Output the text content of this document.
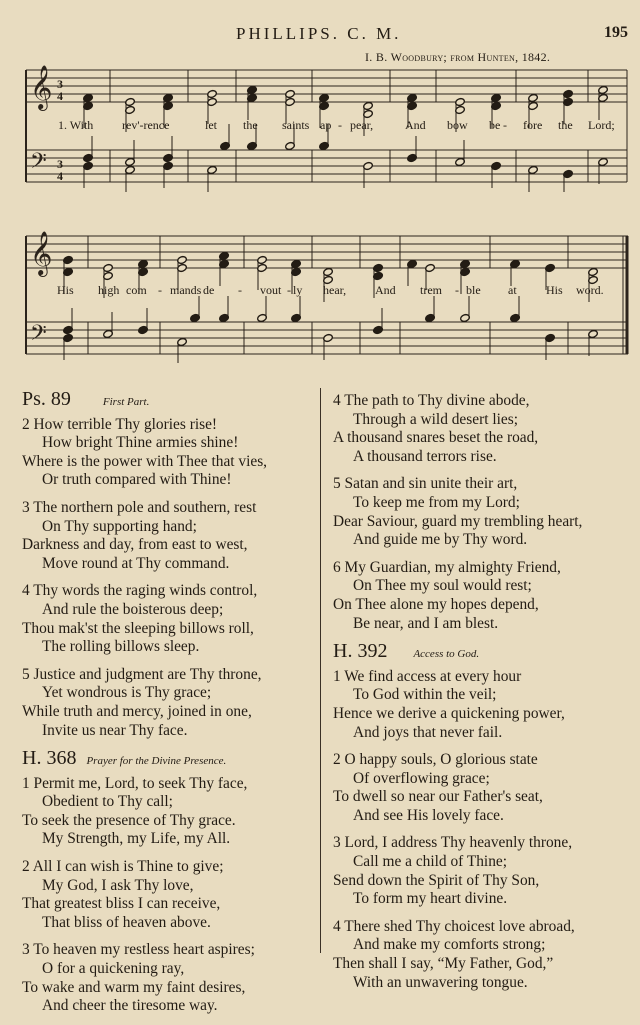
PHILLIPS. C. M.	195
I. B. Woodbury; from Hunten, 1842.
𝄞
𝄢
3
4
3
4
1. With rev'-rence	let the saints ap - pear,	And bow be - fore the Lord;
𝄞
𝄢
His high com - mands de - vout - ly hear, And trem - ble at His word.
Ps. 89	First Part.
2 How terrible Thy glories rise!
How bright Thine armies shine!
Where is the power with Thee that vies,
Or truth compared with Thine!
3 The northern pole and southern, rest
On Thy supporting hand;
Darkness and day, from east to west,
Move round at Thy command.
4 Thy words the raging winds control,
And rule the boisterous deep;
Thou mak'st the sleeping billows roll,
The rolling billows sleep.
5 Justice and judgment are Thy throne,
Yet wondrous is Thy grace;
While truth and mercy, joined in one,
Invite us near Thy face.
H. 368 Prayer for the Divine Presence.
1 Permit me, Lord, to seek Thy face,
Obedient to Thy call;
To seek the presence of Thy grace.
My Strength, my Life, my All.
2 All I can wish is Thine to give;
My God, I ask Thy love,
That greatest bliss I can receive,
That bliss of heaven above.
3 To heaven my restless heart aspires;
O for a quickening ray,
To wake and warm my faint desires,
And cheer the tiresome way.
4 The path to Thy divine abode,
Through a wild desert lies;
A thousand snares beset the road,
A thousand terrors rise.
5 Satan and sin unite their art,
To keep me from my Lord;
Dear Saviour, guard my trembling heart,
And guide me by Thy word.
6 My Guardian, my almighty Friend,
On Thee my soul would rest;
On Thee alone my hopes depend,
Be near, and I am blest.
H. 392 Access to God.
1 We find access at every hour
To God within the veil;
Hence we derive a quickening power,
And joys that never fail.
2 O happy souls, O glorious state
Of overflowing grace;
To dwell so near our Father's seat,
And see His lovely face.
3 Lord, I address Thy heavenly throne,
Call me a child of Thine;
Send down the Spirit of Thy Son,
To form my heart divine.
4 There shed Thy choicest love abroad,
And make my comforts strong;
Then shall I say, “My Father, God,”
With an unwavering tongue.
